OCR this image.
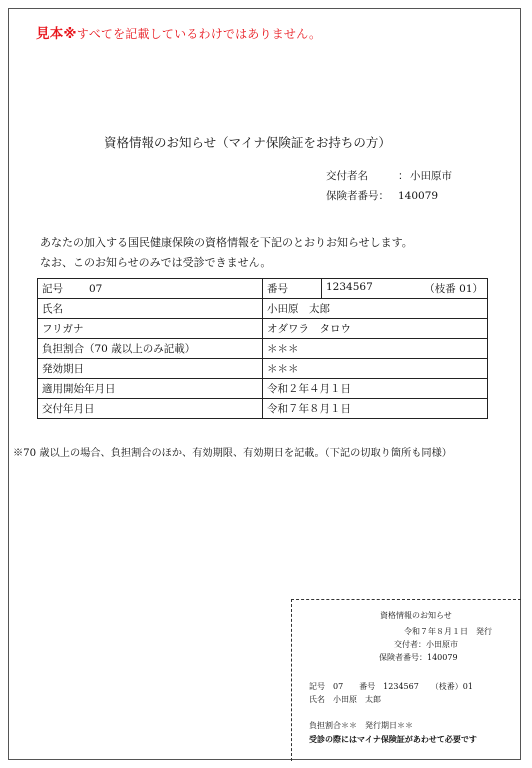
見本※すべてを記載しているわけではありません。
資格情報のお知らせ（マイナ保険証をお持ちの方）
交付者名	： 小田原市
保険者番号： 140079
あなたの加入する国民健康保険の資格情報を下記のとおりお知らせします。
なお、このお知らせのみでは受診できません。
記号 07	番号	1234567 （枝番 01）

氏名	小田原　太郎	
フリガナ	オダワラ　タロウ	
負担割合（70 歳以上のみ記載）	＊＊＊	
発効期日	＊＊＊	
適用開始年月日	令和２年４月１日	
交付年月日	令和７年８月１日	
※70 歳以上の場合、負担割合のほか、有効期限、有効期日を記載。（下記の切取り箇所も同様）
資格情報のお知らせ
令和７年８月１日　発行
交付者：小田原市
保険者番号：140079
記号　07　　番号　1234567　　（枝番）01
氏名　小田原　太郎
負担割合＊＊　発行期日＊＊
受診の際にはマイナ保険証があわせて必要です
